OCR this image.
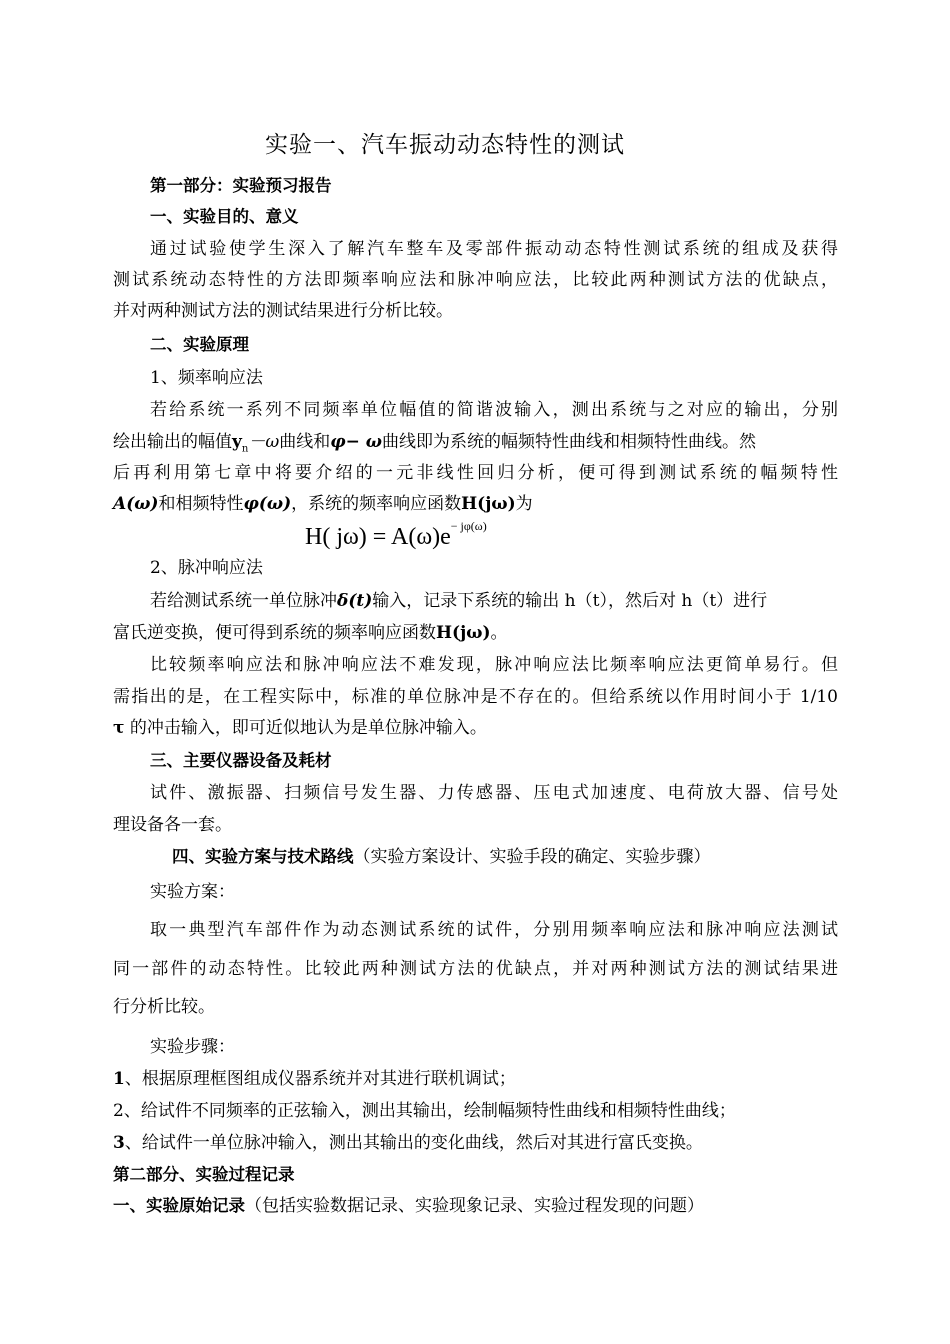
实验一、汽车振动动态特性的测试
第一部分：实验预习报告
一、实验目的、意义
通过试验使学生深入了解汽车整车及零部件振动动态特性测试系统的组成及获得
测试系统动态特性的方法即频率响应法和脉冲响应法，比较此两种测试方法的优缺点，
并对两种测试方法的测试结果进行分析比较。
二、实验原理
1、频率响应法
若给系统一系列不同频率单位幅值的简谐波输入，测出系统与之对应的输出，分别
绘出输出的幅值$y_n-\omega$曲线和φ− ω曲线即为系统的幅频特性曲线和相频特性曲线。然
后再利用第七章中将要介绍的一元非线性回归分析，便可得到测试系统的幅频特性
A(ω)和相频特性φ(ω)，系统的频率响应函数H(jω)为
H( $j\omega) = A(\omega)e^{- j\varphi(\omega)}$
2、脉冲响应法
若给测试系统一单位脉冲δ(t)输入，记录下系统的输出 h（t），然后对 h（t）进行
富氏逆变换，便可得到系统的频率响应函数H(jω)。
比较频率响应法和脉冲响应法不难发现，脉冲响应法比频率响应法更简单易行。但
需指出的是，在工程实际中，标准的单位脉冲是不存在的。但给系统以作用时间小于 1/10
τ 的冲击输入，即可近似地认为是单位脉冲输入。
三、主要仪器设备及耗材
试件、激振器、扫频信号发生器、力传感器、压电式加速度、电荷放大器、信号处
理设备各一套。
四、实验方案与技术路线（实验方案设计、实验手段的确定、实验步骤）
实验方案：
取一典型汽车部件作为动态测试系统的试件，分别用频率响应法和脉冲响应法测试
同一部件的动态特性。比较此两种测试方法的优缺点，并对两种测试方法的测试结果进
行分析比较。
实验步骤：
1、根据原理框图组成仪器系统并对其进行联机调试；
2、给试件不同频率的正弦输入，测出其输出，绘制幅频特性曲线和相频特性曲线；
3、给试件一单位脉冲输入，测出其输出的变化曲线，然后对其进行富氏变换。
第二部分、实验过程记录
一、实验原始记录（包括实验数据记录、实验现象记录、实验过程发现的问题）
